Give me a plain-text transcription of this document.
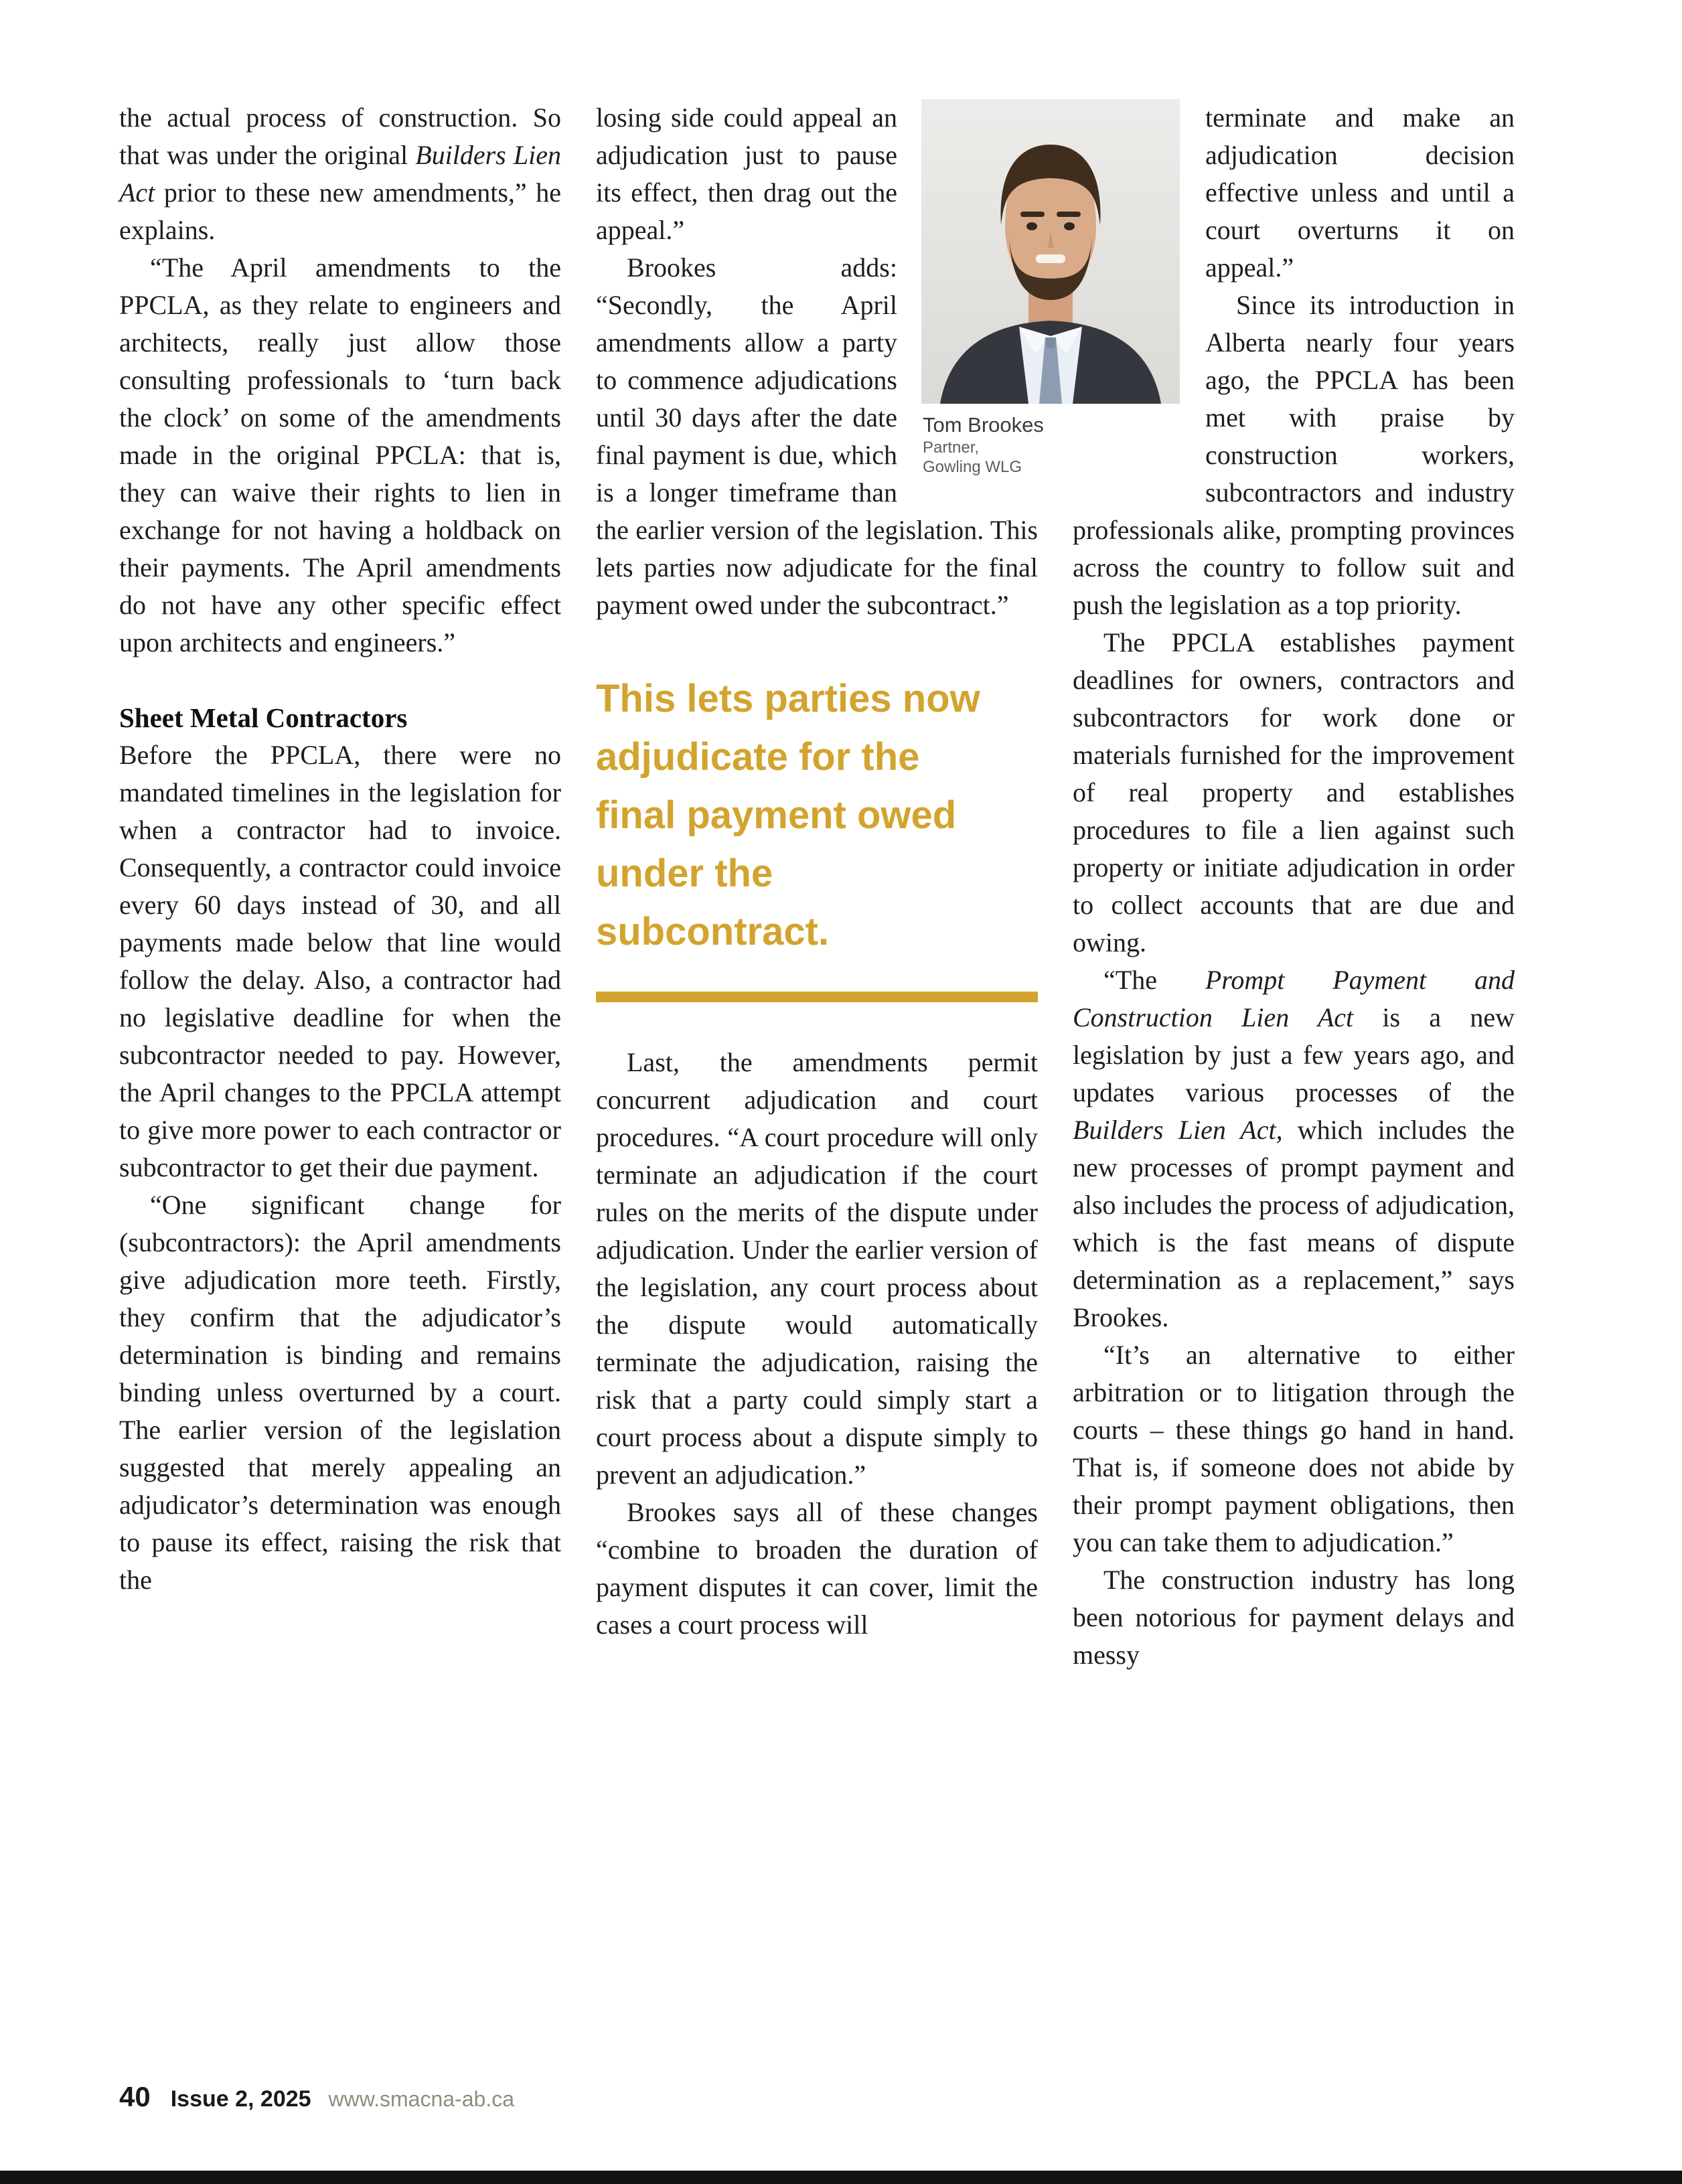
the actual process of construction. So that was under the original Builders Lien Act prior to these new amendments,” he explains.

“The April amendments to the PPCLA, as they relate to engineers and architects, really just allow those consulting professionals to ‘turn back the clock’ on some of the amendments made in the original PPCLA: that is, they can waive their rights to lien in exchange for not having a holdback on their payments. The April amendments do not have any other specific effect upon architects and engineers.”

Sheet Metal Contractors

Before the PPCLA, there were no mandated timelines in the legislation for when a contractor had to invoice. Consequently, a contractor could invoice every 60 days instead of 30, and all payments made below that line would follow the delay. Also, a contractor had no legislative deadline for when the subcontractor needed to pay. However, the April changes to the PPCLA attempt to give more power to each contractor or subcontractor to get their due payment.

“One significant change for (subcontractors): the April amendments give adjudication more teeth. Firstly, they confirm that the adjudicator’s determination is binding and remains binding unless overturned by a court. The earlier version of the legislation suggested that merely appealing an adjudicator’s determination was enough to pause its effect, raising the risk that the

losing side could appeal an adjudication just to pause its effect, then drag out the appeal.”

Brookes adds: “Secondly, the April amendments allow a party to commence adjudications until 30 days after the date final payment is due, which is a longer timeframe than the earlier version of the legislation. This lets parties now adjudicate for the final payment owed under the subcontract.”

This lets parties now adjudicate for the final payment owed under the subcontract.

Last, the amendments permit concurrent adjudication and court procedures. “A court procedure will only terminate an adjudication if the court rules on the merits of the dispute under adjudication. Under the earlier version of the legislation, any court process about the dispute would automatically terminate the adjudication, raising the risk that a party could simply start a court process about a dispute simply to prevent an adjudication.”

Brookes says all of these changes “combine to broaden the duration of payment disputes it can cover, limit the cases a court process will

terminate and make an adjudication decision effective unless and until a court overturns it on appeal.”

Since its introduction in Alberta nearly four years ago, the PPCLA has been met with praise by construction workers, subcontractors and industry professionals alike, prompting provinces across the country to follow suit and push the legislation as a top priority.

The PPCLA establishes payment deadlines for owners, contractors and subcontractors for work done or materials furnished for the improvement of real property and establishes procedures to file a lien against such property or initiate adjudication in order to collect accounts that are due and owing.

“The Prompt Payment and Construction Lien Act is a new legislation by just a few years ago, and updates various processes of the Builders Lien Act, which includes the new processes of prompt payment and also includes the process of adjudication, which is the fast means of dispute determination as a replacement,” says Brookes.

“It’s an alternative to either arbitration or to litigation through the courts – these things go hand in hand. That is, if someone does not abide by their prompt payment obligations, then you can take them to adjudication.”

The construction industry has long been notorious for payment delays and messy

Tom Brookes
Partner,
Gowling WLG
40 Issue 2, 2025 www.smacna-ab.ca
